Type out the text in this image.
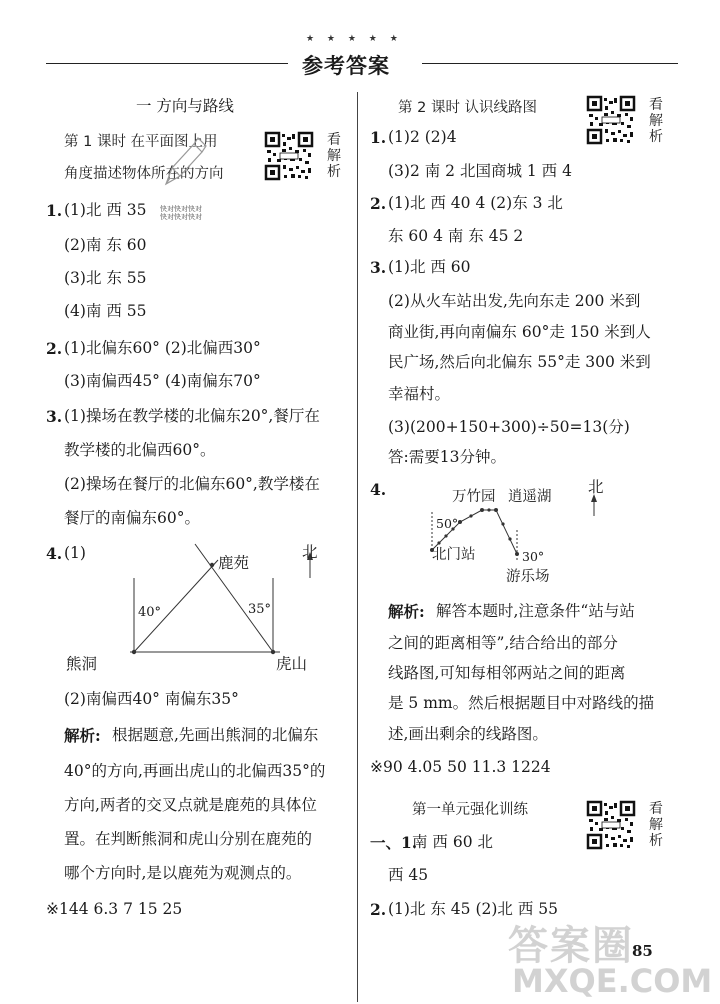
★ ★ ★ ★ ★
参考答案
一 方向与路线
第 1 课时 在平面图上用
角度描述物体所在的方向
看解析
1. (1)北 西 35 快对快对快对 快对快对快对
(2)南 东 60
(3)北 东 55
(4)南 西 55
2. (1)北偏东60° (2)北偏西30°
(3)南偏西45° (4)南偏东70°
3. (1)操场在教学楼的北偏东20°,餐厅在
教学楼的北偏西60°。
(2)操场在餐厅的北偏东60°,教学楼在
餐厅的南偏东60°。
4. (1)
鹿苑
北
40°	35°
熊洞	虎山
(2)南偏西40° 南偏东35°
解析: 根据题意,先画出熊洞的北偏东
40°的方向,再画出虎山的北偏西35°的
方向,两者的交叉点就是鹿苑的具体位
置。在判断熊洞和虎山分别在鹿苑的
哪个方向时,是以鹿苑为观测点的。
※144 6.3 7 15 25
第 2 课时 认识线路图	看解析
1. (1)2 (2)4
(3)2 南 2 北国商城 1 西 4
2. (1)北 西 40 4 (2)东 3 北
东 60 4 南 东 45 2
3. (1)北 西 60
(2)从火车站出发,先向东走 200 米到
商业街,再向南偏东 60°走 150 米到人
民广场,然后向北偏东 55°走 300 米到
幸福村。
(3)(200+150+300)÷50=13(分)
答:需要13分钟。
4.	万竹园 逍遥湖
北
50°
北门站	30°
游乐场
解析: 解答本题时,注意条件“站与站
之间的距离相等”,结合给出的部分
线路图,可知每相邻两站之间的距离
是 5 mm。然后根据题目中对路线的描
述,画出剩余的线路图。
※90 4.05 50 11.3 1224
第一单元强化训练	看解析
一、1.
南 西 60 北
西 45
2. (1)北 东 45 (2)北 西 55
答案圈
MXQE.COM
85
